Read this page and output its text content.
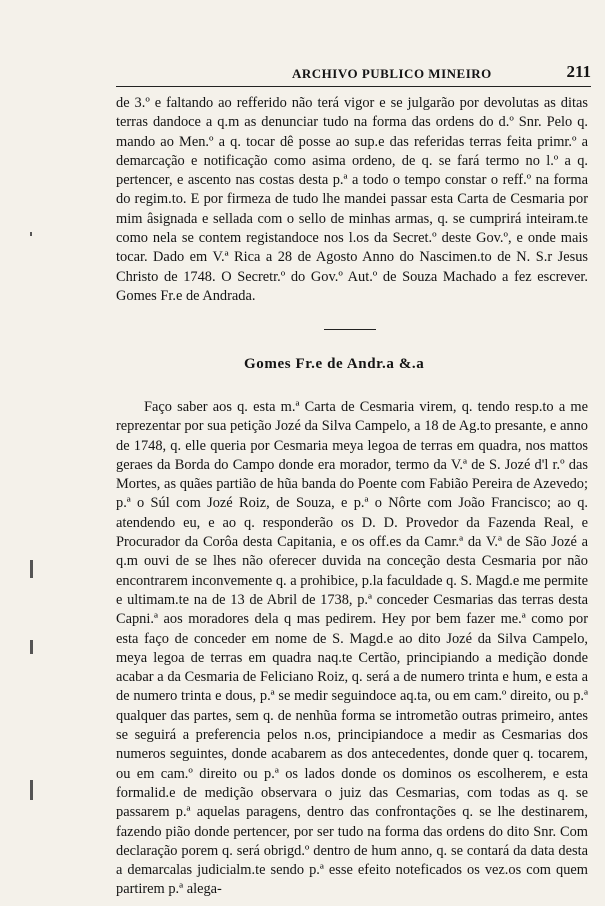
ARCHIVO PUBLICO MINEIRO	211

de 3.º e faltando ao refferido não terá vigor e se julgarão por devolutas as ditas terras dandoce a q.m as denunciar tudo na forma das ordens do d.º Snr. Pelo q. mando ao Men.º a q. tocar dê posse ao sup.e das referidas terras feita primr.º a demarcação e notificação como asima ordeno, de q. se fará termo no l.º a q. pertencer, e ascento nas costas desta p.ª a todo o tempo constar o reff.º na forma do regim.to. E por firmeza de tudo lhe mandei passar esta Carta de Cesmaria por mim âsignada e sellada com o sello de minhas armas, q. se cumprirá inteiram.te como nela se contem registandoce nos l.os da Secret.º deste Gov.º, e onde mais tocar. Dado em V.ª Rica a 28 de Agosto Anno do Nascimen.to de N. S.r Jesus Christo de 1748. O Secretr.º do Gov.º Aut.º de Souza Machado a fez escrever. Gomes Fr.e de Andrada.

Gomes Fr.e de Andr.a &.a

Faço saber aos q. esta m.ª Carta de Cesmaria virem, q. tendo resp.to a me reprezentar por sua petição Jozé da Silva Campelo, a 18 de Ag.to presante, e anno de 1748, q. elle queria por Cesmaria meya legoa de terras em quadra, nos mattos geraes da Borda do Campo donde era morador, termo da V.ª de S. Jozé d'l r.º das Mortes, as quães partião de hũa banda do Poente com Fabião Pereira de Azevedo; p.ª o Súl com Jozé Roiz, de Souza, e p.ª o Nôrte com João Francisco; ao q. atendendo eu, e ao q. responderão os D. D. Provedor da Fazenda Real, e Procurador da Corôa desta Capitania, e os off.es da Camr.ª da V.ª de São Jozé a q.m ouvi de se lhes não oferecer duvida na conceção desta Cesmaria por não encontrarem inconvemente q. a prohibice, p.la faculdade q. S. Magd.e me permite e ultimam.te na de 13 de Abril de 1738, p.ª conceder Cesmarias das terras desta Capni.ª aos moradores dela q mas pedirem. Hey por bem fazer me.ª como por esta faço de conceder em nome de S. Magd.e ao dito Jozé da Silva Campelo, meya legoa de terras em quadra naq.te Certão, principiando a medição donde acabar a da Cesmaria de Feliciano Roiz, q. será a de numero trinta e hum, e esta a de numero trinta e dous, p.ª se medir seguindoce aq.ta, ou em cam.º direito, ou p.ª qualquer das partes, sem q. de nenhũa forma se intrometão outras primeiro, antes se seguirá a preferencia pelos n.os, principiandoce a medir as Cesmarias dos numeros seguintes, donde acabarem as dos antecedentes, donde quer q. tocarem, ou em cam.º direito ou p.ª os lados donde os dominos os escolherem, e esta formalid.e de medição observara o juiz das Cesmarias, com todas as q. se passarem p.ª aquelas paragens, dentro das confrontações q. se lhe destinarem, fazendo pião donde pertencer, por ser tudo na forma das ordens do dito Snr. Com declaração porem q. será obrigd.º dentro de hum anno, q. se contará da data desta a demarcalas judicialm.te sendo p.ª esse efeito noteficados os vez.os com quem partirem p.ª alega-
